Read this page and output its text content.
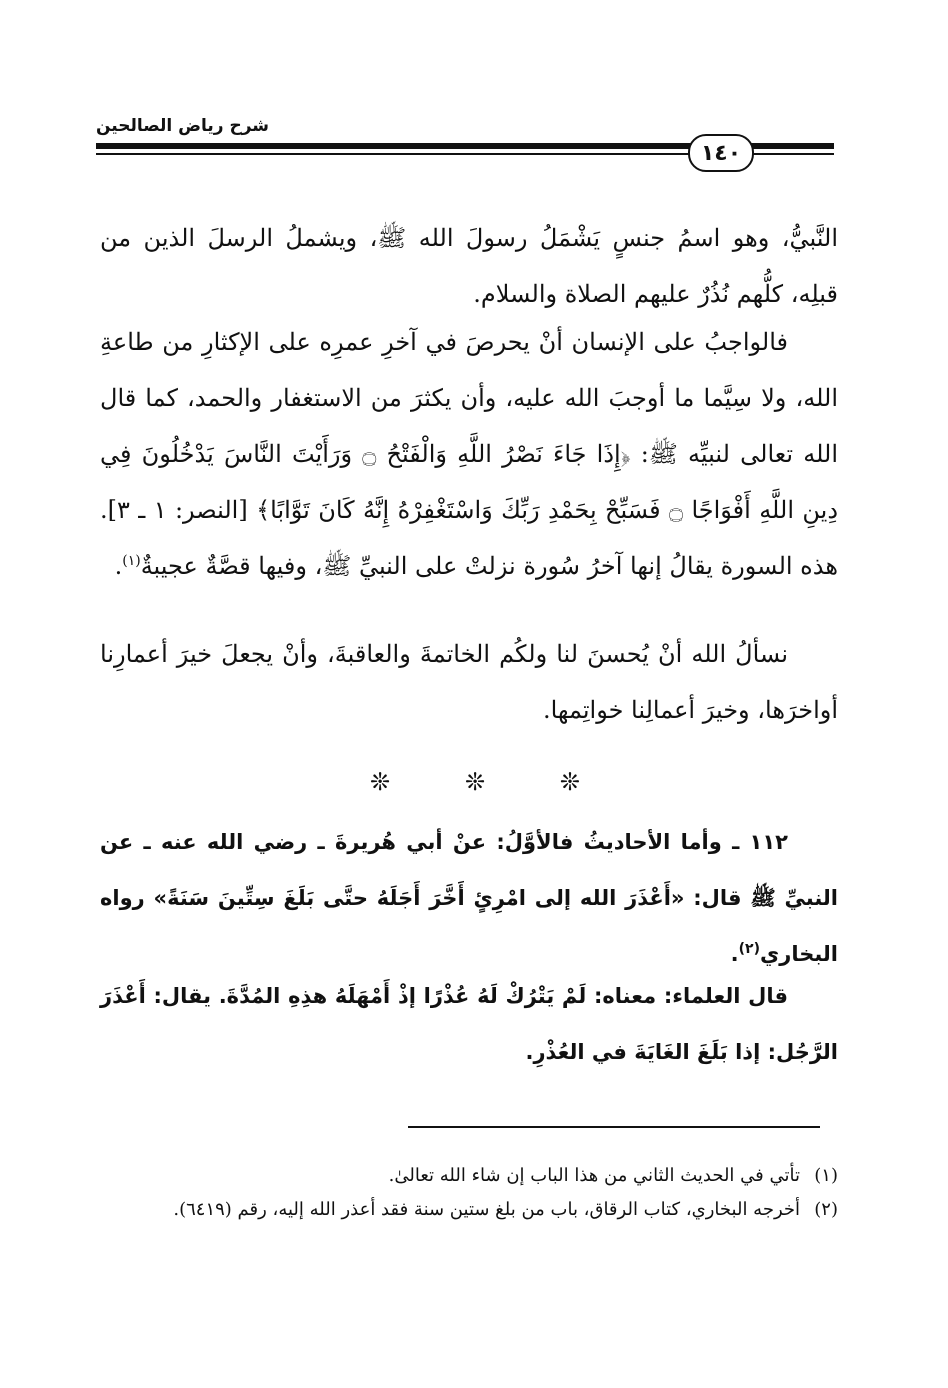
شرح رياض الصالحين
١٤٠

النَّبيُّ، وهو اسمُ جنسٍ يَشْمَلُ رسولَ الله ﷺ، ويشملُ الرسلَ الذين من قبلِه، كلُّهم نُذُرٌ عليهم الصلاة والسلام.

فالواجبُ على الإنسان أنْ يحرصَ في آخرِ عمرِه على الإكثارِ من طاعةِ الله، ولا سِيَّما ما أوجبَ الله عليه، وأن يكثرَ من الاستغفار والحمد، كما قال الله تعالى لنبيِّه ﷺ: ﴿إِذَا جَاءَ نَصْرُ اللَّهِ وَالْفَتْحُ ۝ وَرَأَيْتَ النَّاسَ يَدْخُلُونَ فِي دِينِ اللَّهِ أَفْوَاجًا ۝ فَسَبِّحْ بِحَمْدِ رَبِّكَ وَاسْتَغْفِرْهُ إِنَّهُ كَانَ تَوَّابًا﴾ [النصر: ١ ـ ٣]. هذه السورة يقالُ إنها آخرُ سُورة نزلتْ على النبيِّ ﷺ، وفيها قصَّةٌ عجيبةٌ$^{(١)}$.

نسألُ الله أنْ يُحسنَ لنا ولكُم الخاتمةَ والعاقبةَ، وأنْ يجعلَ خيرَ أعمارِنا أواخرَها، وخيرَ أعمالِنا خواتِمها.

❊	❊	❊

١١٢ ـ وأما الأحاديثُ فالأوَّلُ: عنْ أبي هُريرةَ ـ رضي الله عنه ـ عن النبيِّ ﷺ قال: «أَعْذَرَ الله إلى امْرِئٍ أَخَّرَ أَجَلَهُ حتَّى بَلَغَ سِتِّينَ سَنَةً» رواه البخاري$^{(٢)}$.

قال العلماء: معناه: لَمْ يَتْرُكْ لَهُ عُذْرًا إذْ أَمْهَلَهُ هذِهِ المُدَّةَ. يقال: أَعْذَرَ الرَّجُل: إذا بَلَغَ الغَايَةَ في العُذْرِ.

(١)تأتي في الحديث الثاني من هذا الباب إن شاء الله تعالىٰ.

(٢)أخرجه البخاري، كتاب الرقاق، باب من بلغ ستين سنة فقد أعذر الله إليه، رقم (٦٤١٩).
